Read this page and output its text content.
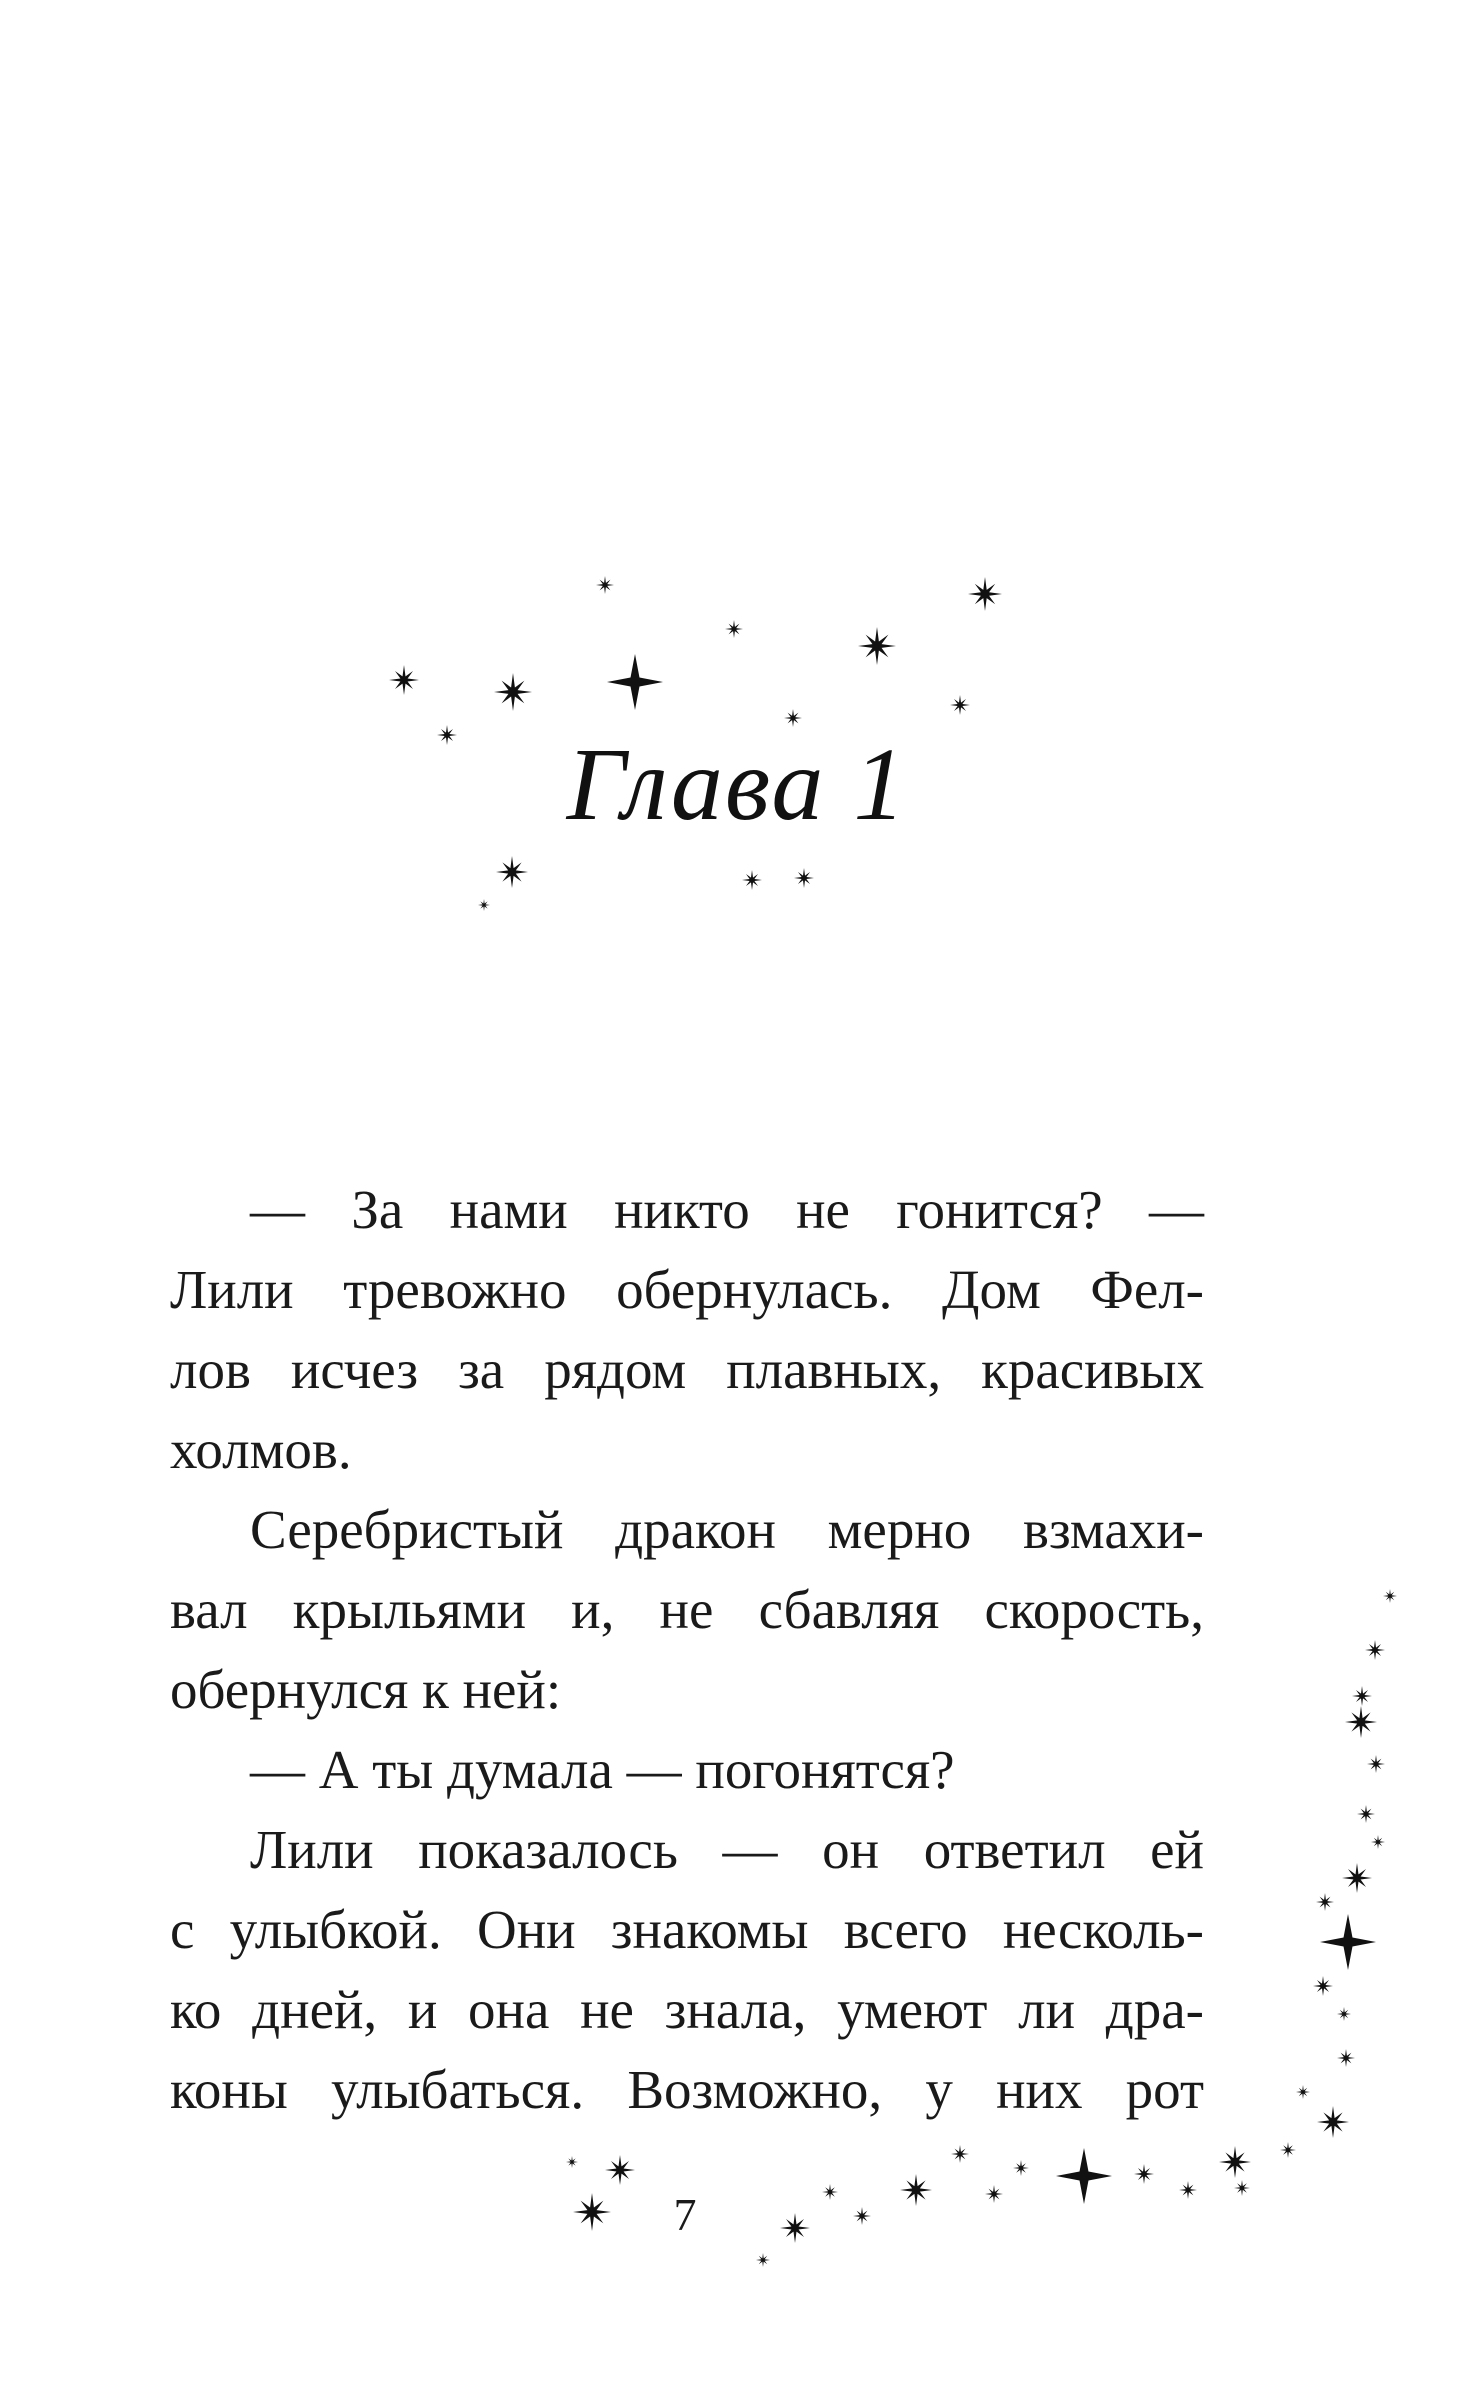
Глава 1
— За нами никто не гонится? —
Лили тревожно обернулась. Дом Фел-
лов исчез за рядом плавных, красивых
холмов.
Серебристый дракон мерно взмахи-
вал крыльями и, не сбавляя скорость,
обернулся к ней:
— А ты думала — погонятся?
Лили показалось — он ответил ей
с улыбкой. Они знакомы всего несколь-
ко дней, и она не знала, умеют ли дра-
коны улыбаться. Возможно, у них рот
7
